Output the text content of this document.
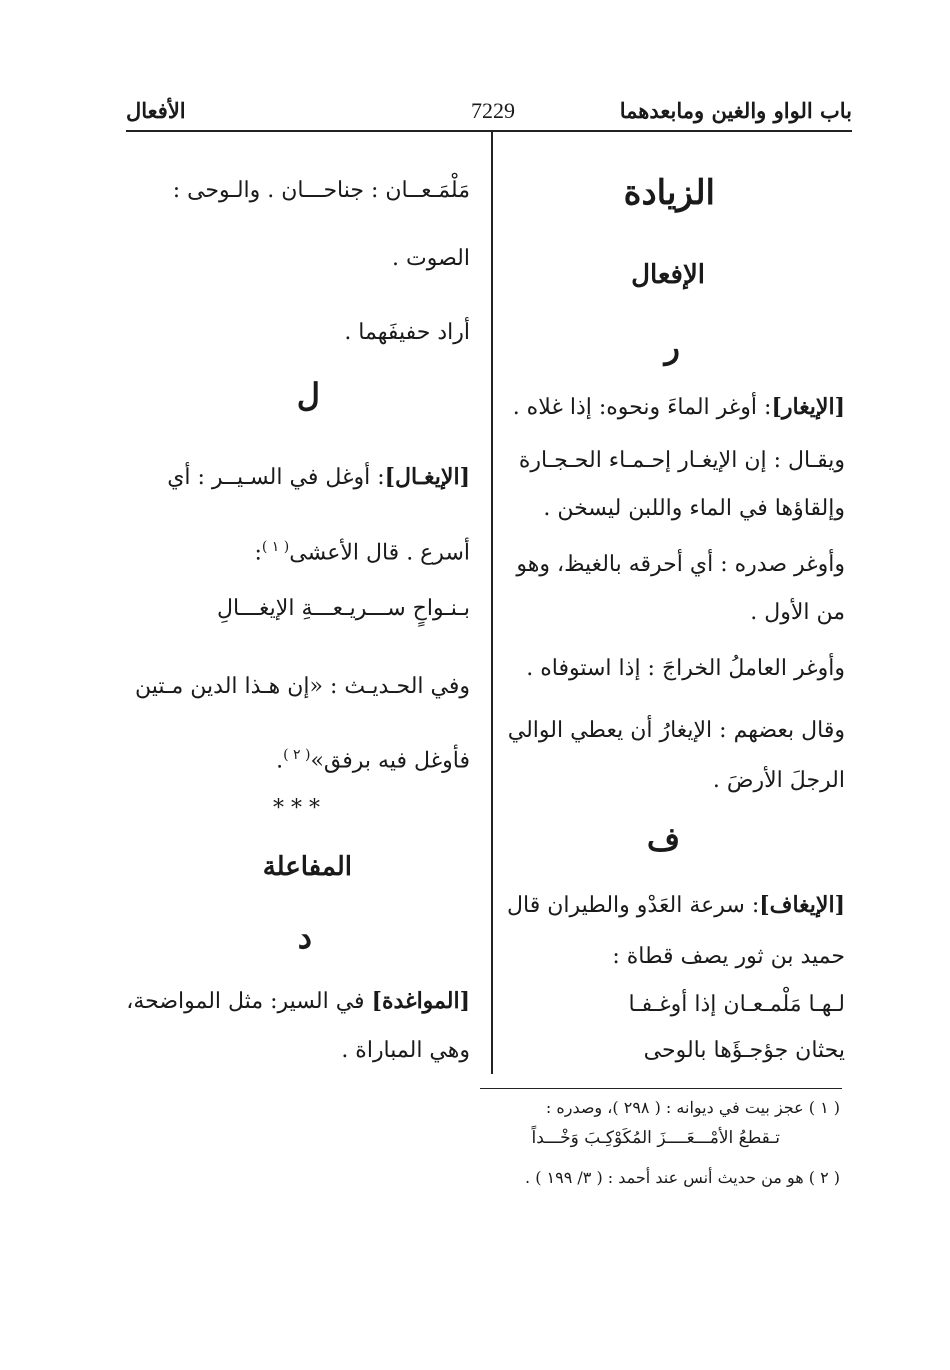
باب الواو والغين ومابعدهما
7229
الأفعال
الزيادة
الإفعال
ر
[الإيغار]: أوغر الماءَ ونحوه: إذا غلاه .
ويقـال : إن الإيغـار إحـمـاء الحـجـارة
وإلقاؤها في الماء واللبن ليسخن .
وأوغر صدره : أي أحرقه بالغيظ، وهو
من الأول .
وأوغر العاملُ الخراجَ : إذا استوفاه .
وقال بعضهم : الإيغارُ أن يعطي الوالي
الرجلَ الأرضَ .
ف
[الإيغاف]: سرعة العَدْو والطيران قال
حميد بن ثور يصف قطاة :
لـهـا مَلْمـعـان إذا أوغـفـا
يحثان جؤجـؤَها بالوحى
مَلْمَـعــان : جناحـــان . والـوحى :
الصوت .
أراد حفيفَهما .
ل
[الإيغـال]: أوغل في السـيــر : أي
أسرع . قال الأعشى$^{( ١ )}$:
بـنـواحٍ ســـريـعـــةِ الإيغـــالِ
وفي الحـديـث : «إن هـذا الدين مـتين
فأوغل فيه برفق»$^{( ٢ )}$.
* * *
المفاعلة
د
[المواغدة] في السير: مثل المواضحة،
وهي المباراة .
( ١ ) عجز بيت في ديوانه : ( ٢٩٨ )، وصدره :
تـقطعُ الأمْـــعَــــزَ المُكَوْكِـبَ وَخْـــداً
( ٢ ) هو من حديث أنس عند أحمد : ( ٣/ ١٩٩ ) .
